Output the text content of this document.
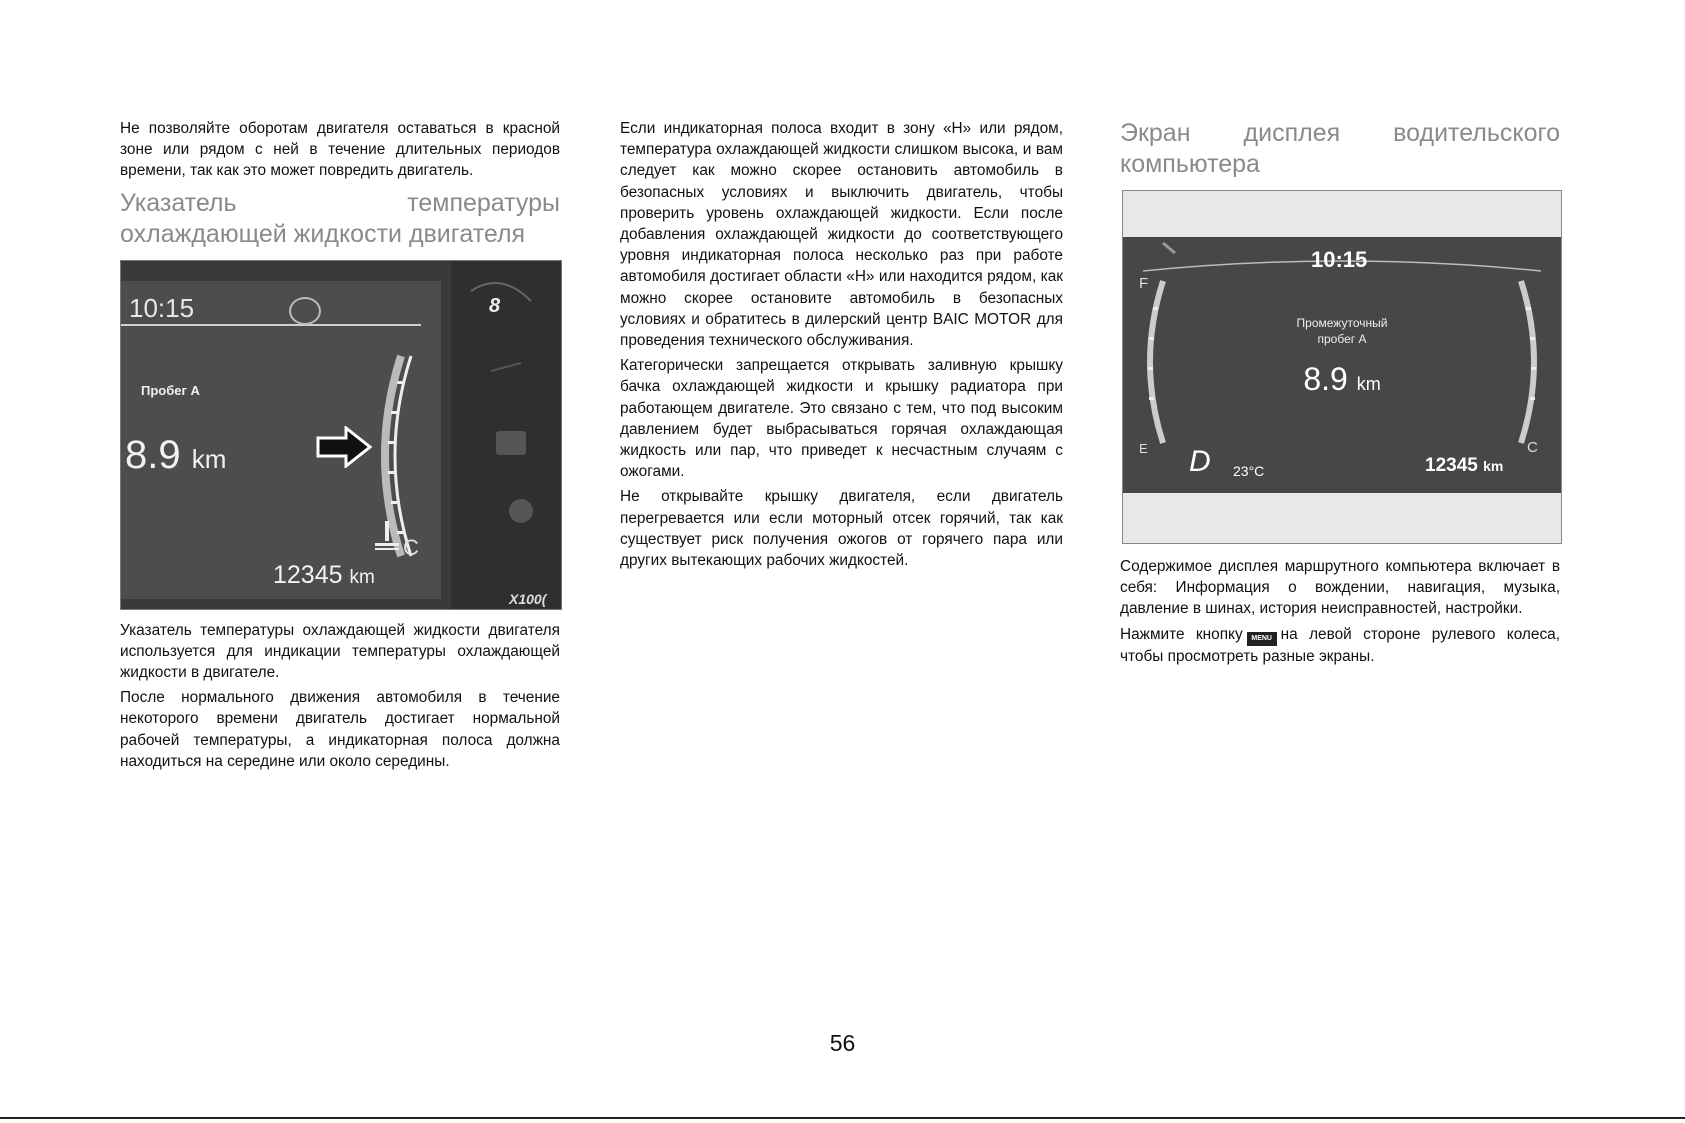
Не позволяйте оборотам двигателя оставаться в красной зоне или рядом с ней в течение длительных периодов времени, так как это может повредить двигатель.

Указатель температуры охлаждающей жидкости двигателя
10:15
Пробег A
8.9 km
C
12345 km
8
X100(

Указатель температуры охлаждающей жидкости двигателя используется для индикации температуры охлаждающей жидкости в двигателе.

После нормального движения автомобиля в течение некоторого времени двигатель достигает нормальной рабочей температуры, а индикаторная полоса должна находиться на середине или около середины.

Если индикаторная полоса входит в зону «H» или рядом, температура охлаждающей жидкости слишком высока, и вам следует как можно скорее остановить автомобиль в безопасных условиях и выключить двигатель, чтобы проверить уровень охлаждающей жидкости. Если после добавления охлаждающей жидкости до соответствующего уровня индикаторная полоса несколько раз при работе автомобиля достигает области «H» или находится рядом, как можно скорее остановите автомобиль в безопасных условиях и обратитесь в дилерский центр BAIC MOTOR для проведения технического обслуживания.

Категорически запрещается открывать заливную крышку бачка охлаждающей жидкости и крышку радиатора при работающем двигателе. Это связано с тем, что под высоким давлением будет выбрасываться горячая охлаждающая жидкость или пар, что приведет к несчастным случаям с ожогами.

Не открывайте крышку двигателя, если двигатель перегревается или если моторный отсек горячий, так как существует риск получения ожогов от горячего пара или других вытекающих рабочих жидкостей.

Экран дисплея водительского компьютера
10:15
Промежуточный
пробег A
8.9 km
F
E	C
D 23°C	12345 km

Содержимое дисплея маршрутного компьютера включает в себя: Информация о вождении, навигация, музыка, давление в шинах, история неисправностей, настройки.

Нажмите кнопку MENU на левой стороне рулевого колеса, чтобы просмотреть разные экраны.

56
